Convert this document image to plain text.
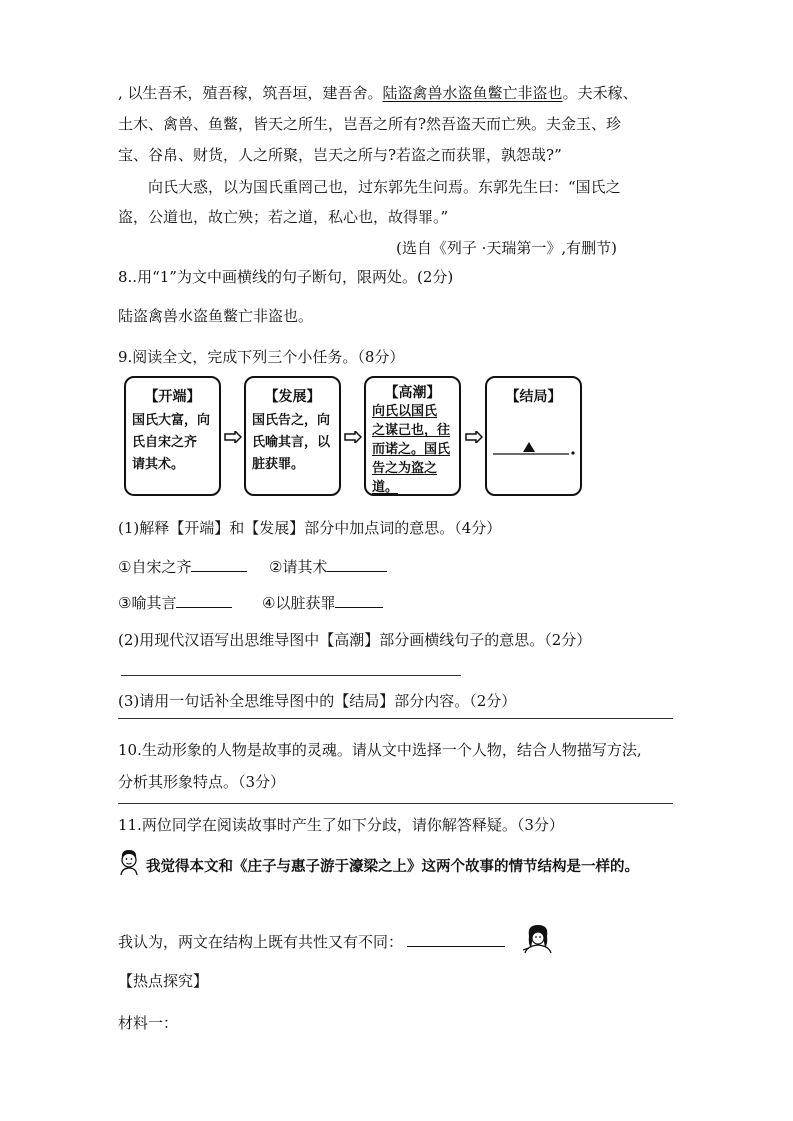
, 以生吾禾，殖吾稼，筑吾垣，建吾舍。陆盗禽兽水盗鱼鳖亡非盗也。夫禾稼、
土木、禽兽、鱼鳖，皆天之所生，岂吾之所有?然吾盗天而亡殃。夫金玉、珍
宝、谷帛、财货，人之所聚，岂天之所与?若盗之而获罪，孰怨哉?”
　　向氏大惑，以为国氏重罔己也，过东郭先生问焉。东郭先生曰：“国氏之
盗，公道也，故亡殃；若之道，私心也，故得罪。”
(选自《列子 ·天瑞第一》,有删节)
8..用“1”为文中画横线的句子断句，限两处。(2分)
陆盗禽兽水盗鱼鳖亡非盗也。
9.阅读全文，完成下列三个小任务。（8分）
【开端】
国氏大富，向
氏自宋之齐
请其术。
【发展】
国氏告之，向
氏喻其言，以
脏获罪。
【高潮】
向氏以国氏
之谋己也，往
而诺之。国氏
告之为盗之
道。
【结局】
(1)解释【开端】和【发展】部分中加点词的意思。（4分）
①自宋之齐	②请其术
③喻其言	④以脏获罪
(2)用现代汉语写出思维导图中【高潮】部分画横线句子的意思。（2分）
(3)请用一句话补全思维导图中的【结局】部分内容。（2分）
10.生动形象的人物是故事的灵魂。请从文中选择一个人物，结合人物描写方法,
分析其形象特点。（3分）
11.两位同学在阅读故事时产生了如下分歧，请你解答释疑。（3分）
我觉得本文和《庄子与惠子游于濠梁之上》这两个故事的情节结构是一样的。
我认为，两文在结构上既有共性又有不同：
【热点探究】
材料一：
